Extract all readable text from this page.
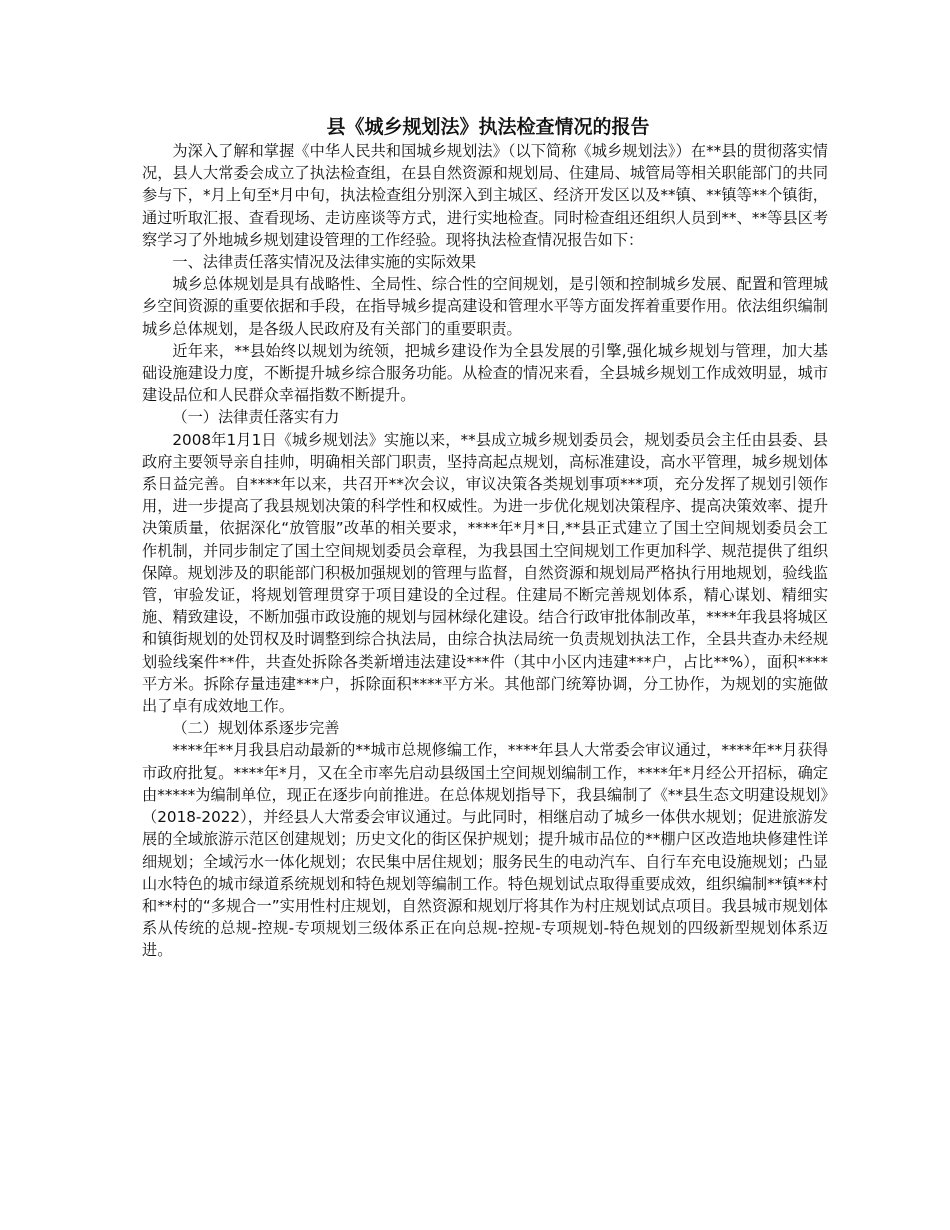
县《城乡规划法》执法检查情况的报告

为深入了解和掌握《中华人民共和国城乡规划法》（以下简称《城乡规划法》）在**县的贯彻落实情况，县人大常委会成立了执法检查组，在县自然资源和规划局、住建局、城管局等相关职能部门的共同参与下，*月上旬至*月中旬，执法检查组分别深入到主城区、经济开发区以及**镇、**镇等**个镇街，通过听取汇报、查看现场、走访座谈等方式，进行实地检查。同时检查组还组织人员到**、**等县区考察学习了外地城乡规划建设管理的工作经验。现将执法检查情况报告如下：

一、法律责任落实情况及法律实施的实际效果

城乡总体规划是具有战略性、全局性、综合性的空间规划，是引领和控制城乡发展、配置和管理城乡空间资源的重要依据和手段，在指导城乡提高建设和管理水平等方面发挥着重要作用。依法组织编制城乡总体规划，是各级人民政府及有关部门的重要职责。

近年来，**县始终以规划为统领，把城乡建设作为全县发展的引擎,强化城乡规划与管理，加大基础设施建设力度，不断提升城乡综合服务功能。从检查的情况来看，全县城乡规划工作成效明显，城市建设品位和人民群众幸福指数不断提升。

（一）法律责任落实有力

2008年1月1日《城乡规划法》实施以来，**县成立城乡规划委员会，规划委员会主任由县委、县政府主要领导亲自挂帅，明确相关部门职责，坚持高起点规划，高标准建设，高水平管理，城乡规划体系日益完善。自****年以来，共召开**次会议，审议决策各类规划事项***项，充分发挥了规划引领作用，进一步提高了我县规划决策的科学性和权威性。为进一步优化规划决策程序、提高决策效率、提升决策质量，依据深化“放管服”改革的相关要求，****年*月*日,**县正式建立了国土空间规划委员会工作机制，并同步制定了国土空间规划委员会章程，为我县国土空间规划工作更加科学、规范提供了组织保障。规划涉及的职能部门积极加强规划的管理与监督，自然资源和规划局严格执行用地规划，验线监管，审验发证，将规划管理贯穿于项目建设的全过程。住建局不断完善规划体系，精心谋划、精细实施、精致建设，不断加强市政设施的规划与园林绿化建设。结合行政审批体制改革，****年我县将城区和镇街规划的处罚权及时调整到综合执法局，由综合执法局统一负责规划执法工作，全县共查办未经规划验线案件**件，共查处拆除各类新增违法建设***件（其中小区内违建***户，占比**%），面积****平方米。拆除存量违建***户，拆除面积****平方米。其他部门统筹协调，分工协作，为规划的实施做出了卓有成效地工作。

（二）规划体系逐步完善

****年**月我县启动最新的**城市总规修编工作，****年县人大常委会审议通过，****年**月获得市政府批复。****年*月，又在全市率先启动县级国土空间规划编制工作，****年*月经公开招标，确定由*****为编制单位，现正在逐步向前推进。在总体规划指导下，我县编制了《**县生态文明建设规划》（2018-2022），并经县人大常委会审议通过。与此同时，相继启动了城乡一体供水规划；促进旅游发展的全域旅游示范区创建规划；历史文化的街区保护规划；提升城市品位的**棚户区改造地块修建性详细规划；全域污水一体化规划；农民集中居住规划；服务民生的电动汽车、自行车充电设施规划；凸显山水特色的城市绿道系统规划和特色规划等编制工作。特色规划试点取得重要成效，组织编制**镇**村和**村的“多规合一”实用性村庄规划，自然资源和规划厅将其作为村庄规划试点项目。我县城市规划体系从传统的总规-控规-专项规划三级体系正在向总规-控规-专项规划-特色规划的四级新型规划体系迈进。
